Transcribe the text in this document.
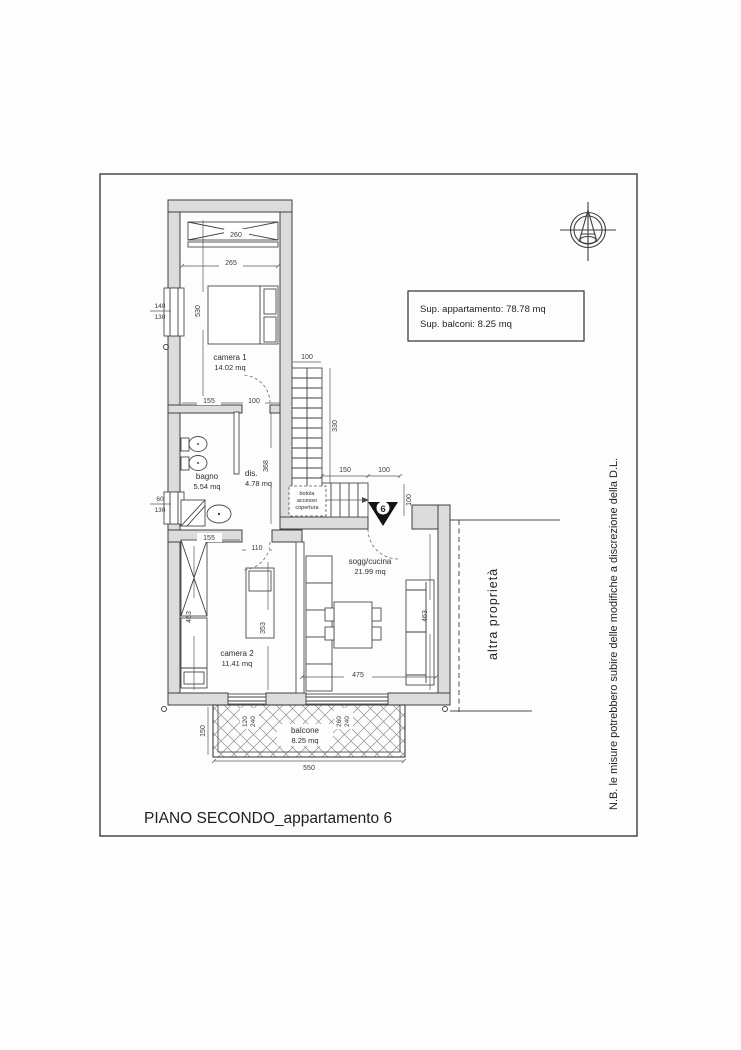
Sup. appartamento: 78.78 mq
Sup. balconi: 8.25 mq
botola
accesso
copertura	6
balcone
8.25 mq
altra proprietà
camera 1
14.02 mq
bagno
5.54 mq
dis.
4.78 mq
camera 2
11.41 mq
sogg/cucina
21.99 mq
260
265
530
140
130
155	100
368
60
130
100
330
150	100
100
155
110
463
353
475
463
150
550
120 240	260 240	N.B. le misure potrebbero subire delle modifiche a discrezione della D.L.
PIANO SECONDO_appartamento 6
